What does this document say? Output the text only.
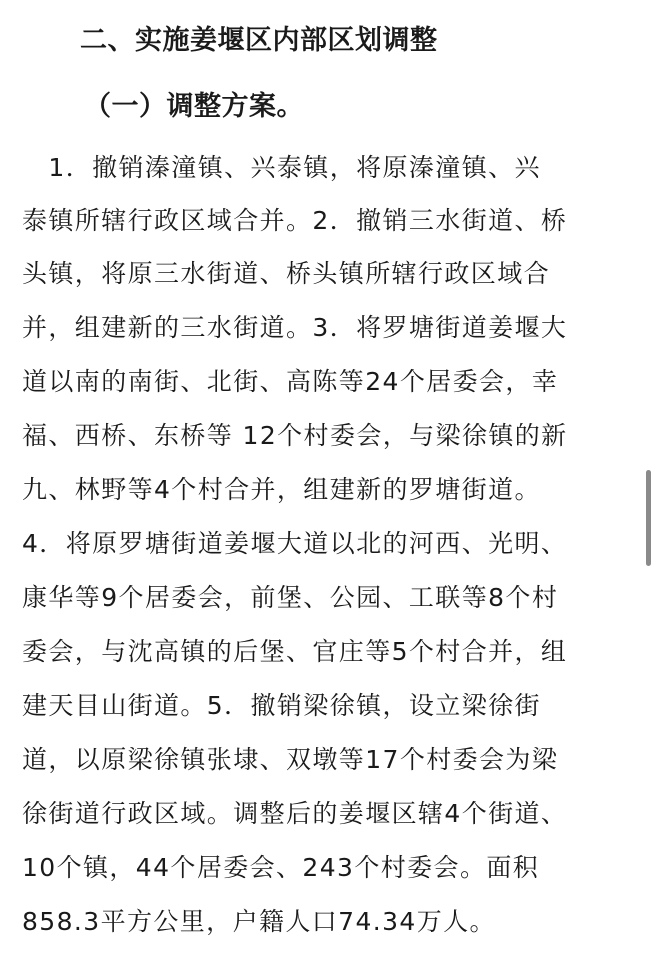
二、实施姜堰区内部区划调整
（一）调整方案。
　1．撤销溱潼镇、兴泰镇，将原溱潼镇、兴
泰镇所辖行政区域合并。2．撤销三水街道、桥
头镇，将原三水街道、桥头镇所辖行政区域合
并，组建新的三水街道。3．将罗塘街道姜堰大
道以南的南街、北街、高陈等24个居委会，幸
福、西桥、东桥等 12个村委会，与梁徐镇的新
九、林野等4个村合并，组建新的罗塘街道。
4．将原罗塘街道姜堰大道以北的河西、光明、
康华等9个居委会，前堡、公园、工联等8个村
委会，与沈高镇的后堡、官庄等5个村合并，组
建天目山街道。5．撤销梁徐镇，设立梁徐街
道，以原梁徐镇张埭、双墩等17个村委会为梁
徐街道行政区域。调整后的姜堰区辖4个街道、
10个镇，44个居委会、243个村委会。面积
858.3平方公里，户籍人口74.34万人。
